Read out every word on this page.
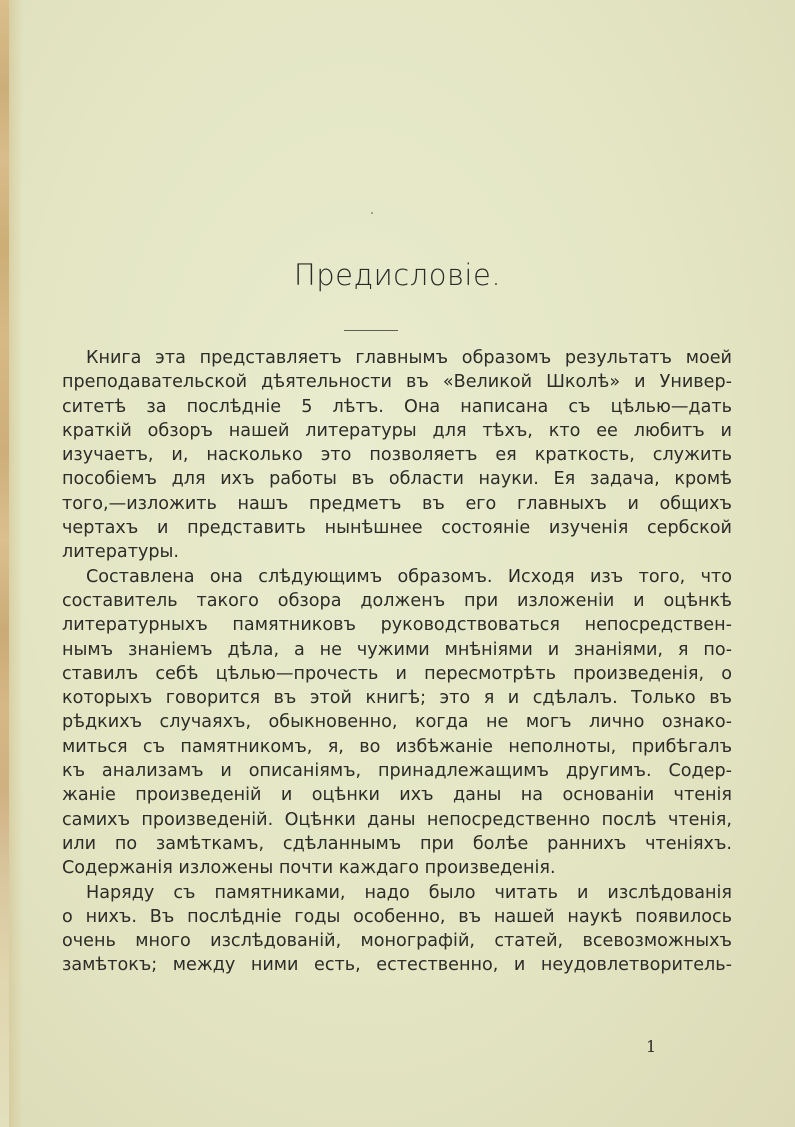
Предисловiе.
Книга эта представляетъ главнымъ образомъ результатъ моей
преподавательской дѣятельности въ «Великой Школѣ» и Универ-
ситетѣ за послѣднiе 5 лѣтъ. Она написана съ цѣлью—дать
краткiй обзоръ нашей литературы для тѣхъ, кто ее любитъ и
изучаетъ, и, насколько это позволяетъ ея краткость, служить
пособiемъ для ихъ работы въ области науки. Ея задача, кромѣ
того,—изложить нашъ предметъ въ его главныхъ и общихъ
чертахъ и представить нынѣшнее состоянiе изученiя сербской
литературы.
Составлена она слѣдующимъ образомъ. Исходя изъ того, что
составитель такого обзора долженъ при изложенiи и оцѣнкѣ
литературныхъ памятниковъ руководствоваться непосредствен-
нымъ знанiемъ дѣла, а не чужими мнѣнiями и знанiями, я по-
ставилъ себѣ цѣлью—прочесть и пересмотрѣть произведенiя, о
которыхъ говорится въ этой книгѣ; это я и сдѣлалъ. Только въ
рѣдкихъ случаяхъ, обыкновенно, когда не могъ лично ознако-
миться съ памятникомъ, я, во избѣжанiе неполноты, прибѣгалъ
къ анализамъ и описанiямъ, принадлежащимъ другимъ. Содер-
жанiе произведенiй и оцѣнки ихъ даны на основанiи чтенiя
самихъ произведенiй. Оцѣнки даны непосредственно послѣ чтенiя,
или по замѣткамъ, сдѣланнымъ при болѣе раннихъ чтенiяхъ.
Содержанiя изложены почти каждаго произведенiя.
Наряду съ памятниками, надо было читать и изслѣдованiя
о нихъ. Въ послѣднiе годы особенно, въ нашей наукѣ появилось
очень много изслѣдованiй, монографiй, статей, всевозможныхъ
замѣтокъ; между ними есть, естественно, и неудовлетворитель-
1
